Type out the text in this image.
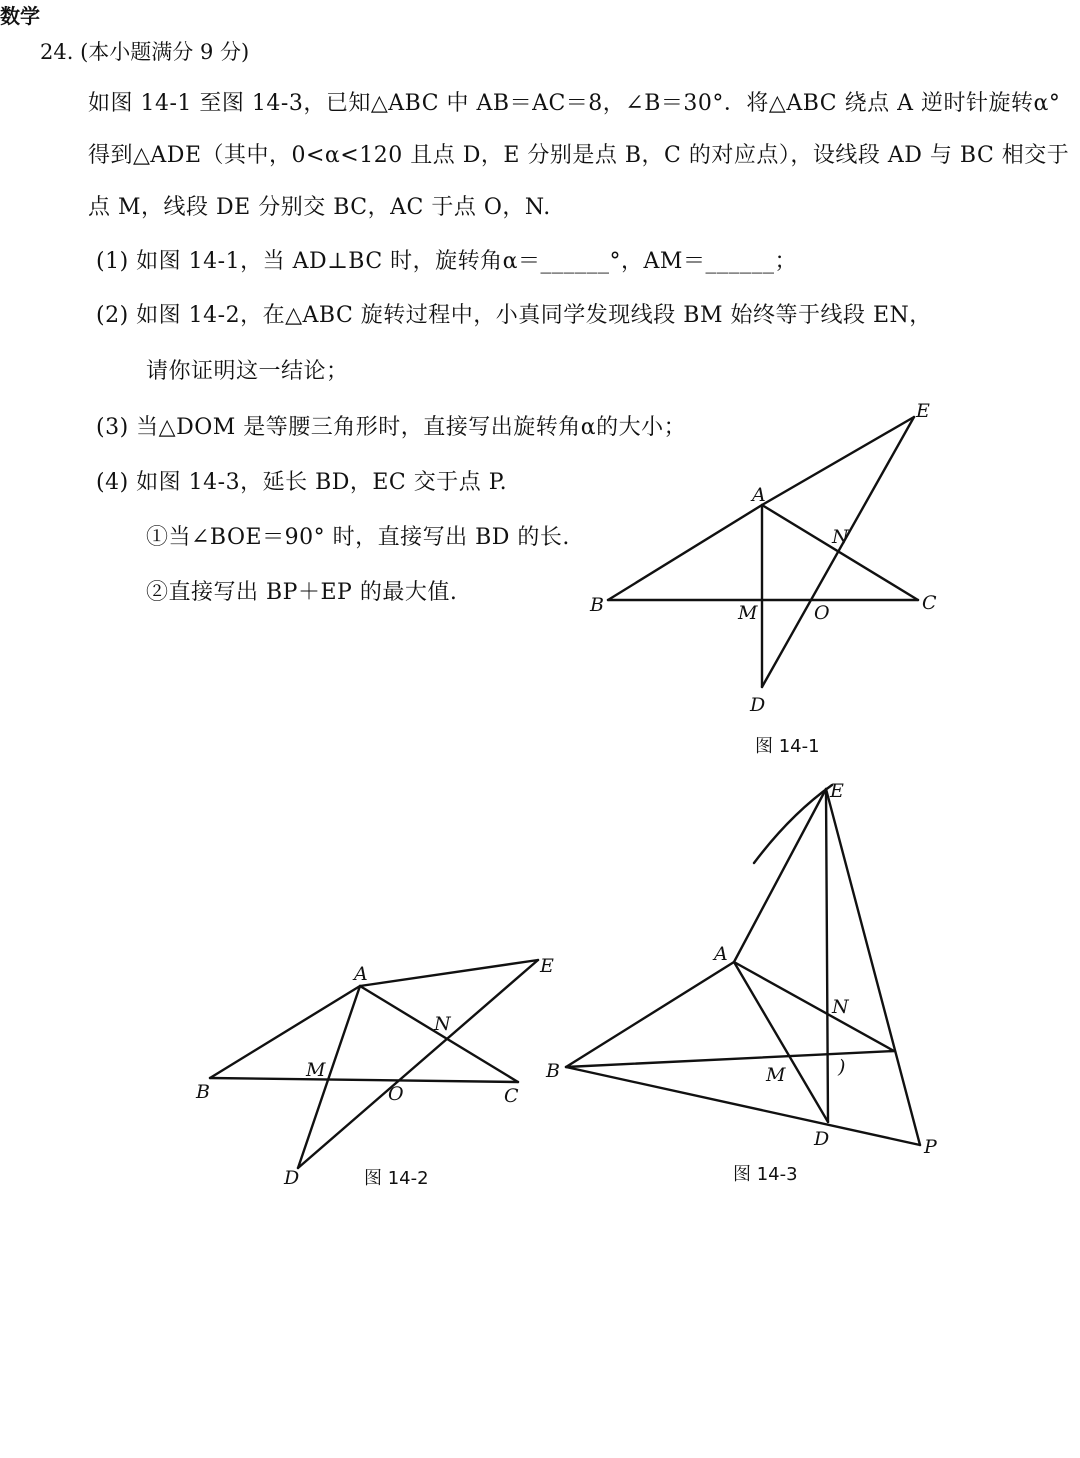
数学
24. (本小题满分 9 分)
如图 14-1 至图 14-3，已知△ABC 中 AB＝AC＝8，∠B＝30°．将△ABC 绕点 A 逆时针旋转α°
得到△ADE（其中，0<α<120 且点 D，E 分别是点 B，C 的对应点），设线段 AD 与 BC 相交于
点 M，线段 DE 分别交 BC，AC 于点 O，N.
(1) 如图 14-1，当 AD⊥BC 时，旋转角α＝______°，AM＝______；
(2) 如图 14-2，在△ABC 旋转过程中，小真同学发现线段 BM 始终等于线段 EN，
请你证明这一结论；
(3) 当△DOM 是等腰三角形时，直接写出旋转角α的大小；
(4) 如图 14-3，延长 BD，EC 交于点 P.
①当∠BOE＝90° 时，直接写出 BD 的长.
②直接写出 BP＋EP 的最大值.
A
B	C
D
E
M
N
O
图 14-1
A
B	C
D
E
M
N
O
图 14-2
A
B
D
E
M
N
)
P
图 14-3
